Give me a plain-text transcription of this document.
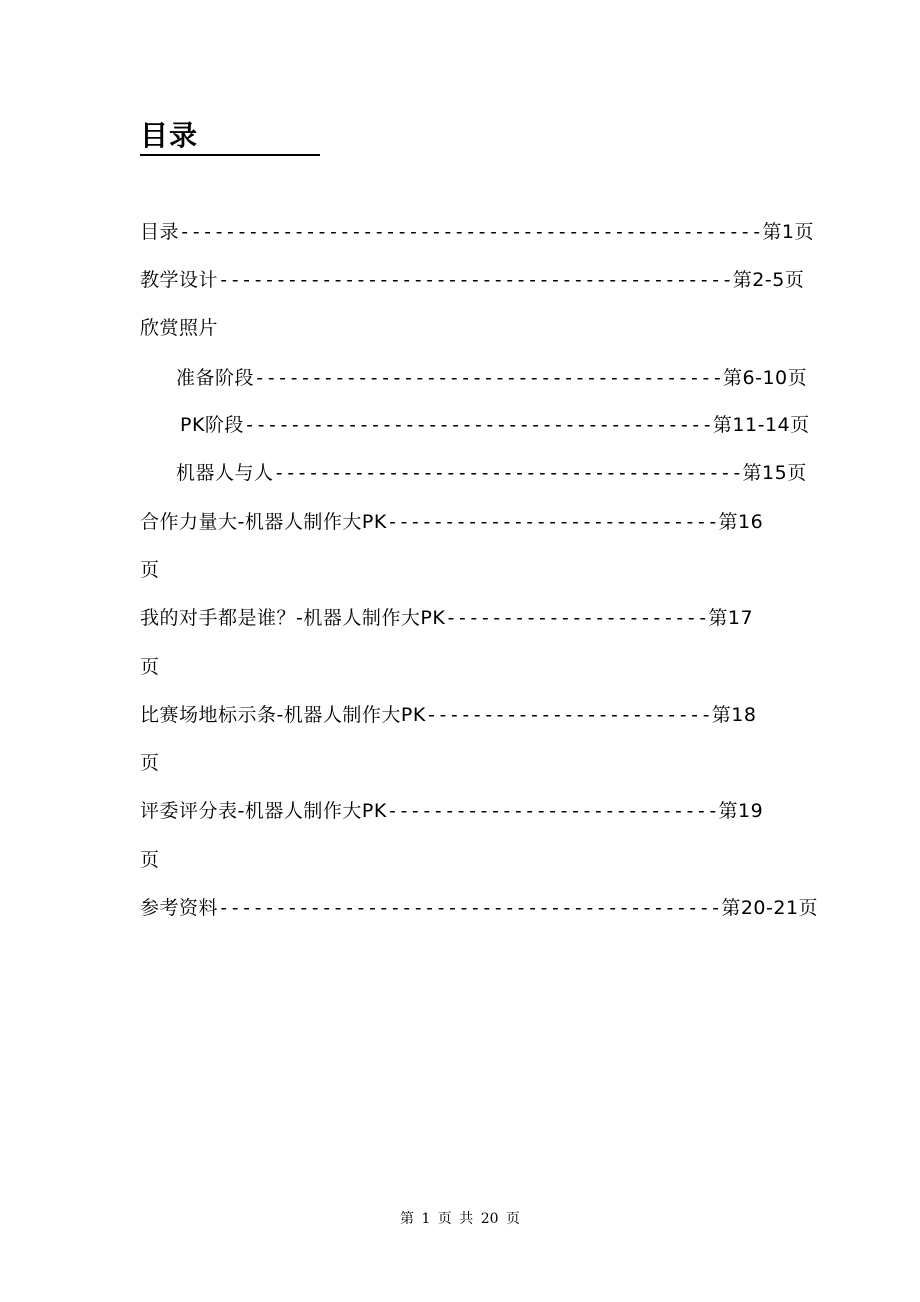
目录
目录---------------------------------------------------第1页
教学设计---------------------------------------------第2-5页
欣赏照片
准备阶段-----------------------------------------第6-10页
PK阶段-----------------------------------------第11-14页
机器人与人-----------------------------------------第15页
合作力量大-机器人制作大PK-----------------------------第16
页
我的对手都是谁？-机器人制作大PK-----------------------第17
页
比赛场地标示条-机器人制作大PK-------------------------第18
页
评委评分表-机器人制作大PK-----------------------------第19
页
参考资料--------------------------------------------第20-21页
第 1 页 共 20 页
